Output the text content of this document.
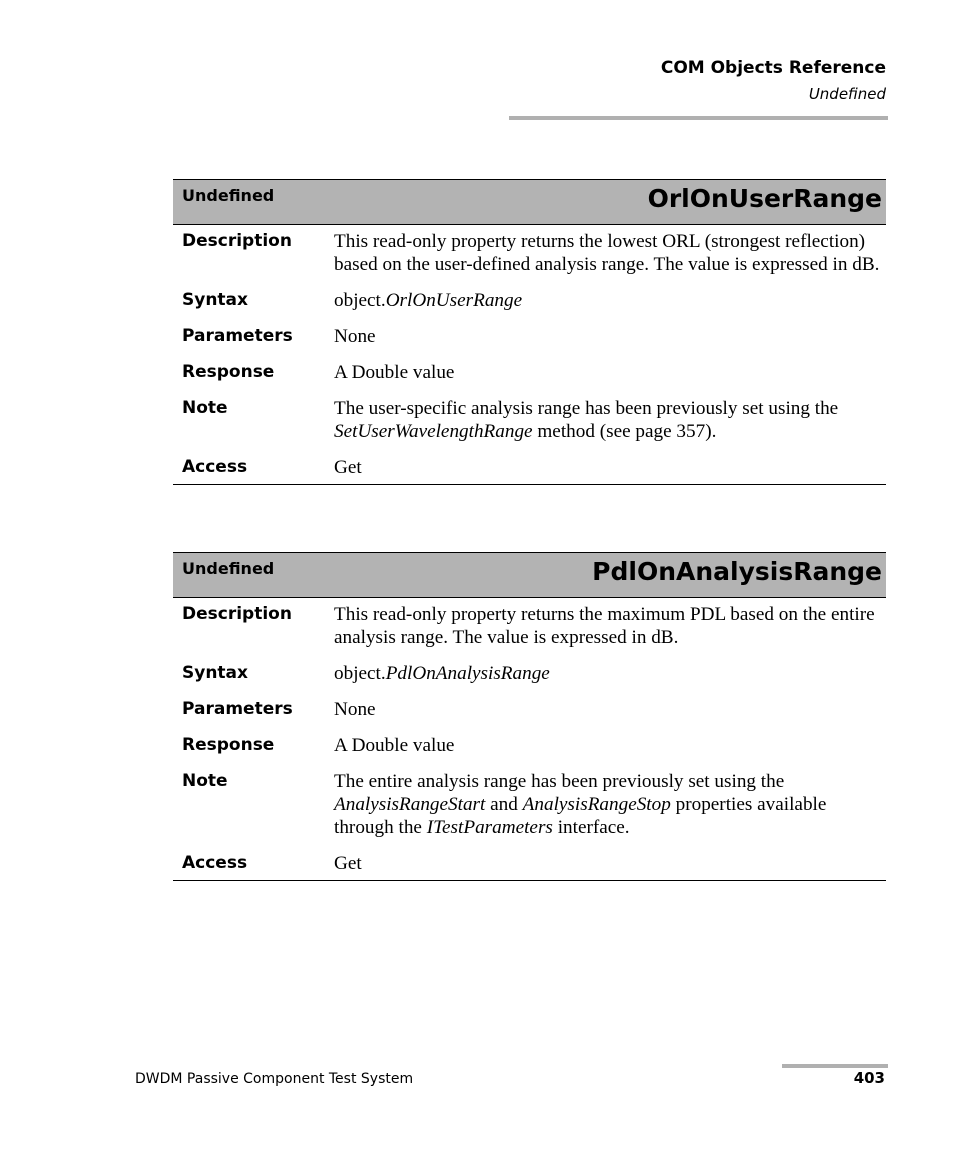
COM Objects Reference
Undefined
Undefined	OrlOnUserRange
Description	This read-only property returns the lowest ORL (strongest reflection) based on the user-defined analysis range. The value is expressed in dB.
Syntax	object.OrlOnUserRange
Parameters	None
Response	A Double value
Note	The user-specific analysis range has been previously set using the SetUserWavelengthRange method (see page 357).
Access	Get
Undefined	PdlOnAnalysisRange
Description	This read-only property returns the maximum PDL based on the entire analysis range. The value is expressed in dB.
Syntax	object.PdlOnAnalysisRange
Parameters	None
Response	A Double value
Note	The entire analysis range has been previously set using the AnalysisRangeStart and AnalysisRangeStop properties available through the ITestParameters interface.
Access	Get
DWDM Passive Component Test System	403
